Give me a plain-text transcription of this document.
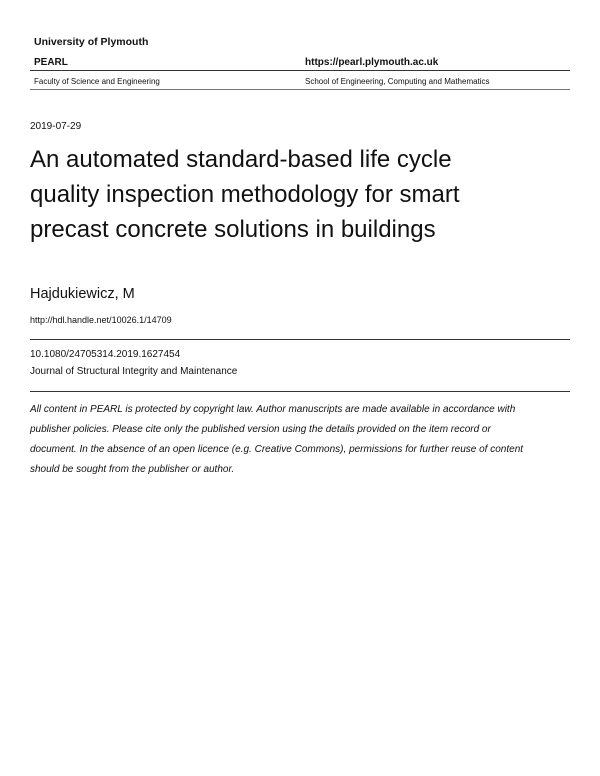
University of Plymouth
PEARL	https://pearl.plymouth.ac.uk
Faculty of Science and Engineering	School of Engineering, Computing and Mathematics
2019-07-29
An automated standard-based life cycle
quality inspection methodology for smart
precast concrete solutions in buildings
Hajdukiewicz, M
http://hdl.handle.net/10026.1/14709
10.1080/24705314.2019.1627454
Journal of Structural Integrity and Maintenance
All content in PEARL is protected by copyright law. Author manuscripts are made available in accordance with
publisher policies. Please cite only the published version using the details provided on the item record or
document. In the absence of an open licence (e.g. Creative Commons), permissions for further reuse of content
should be sought from the publisher or author.
